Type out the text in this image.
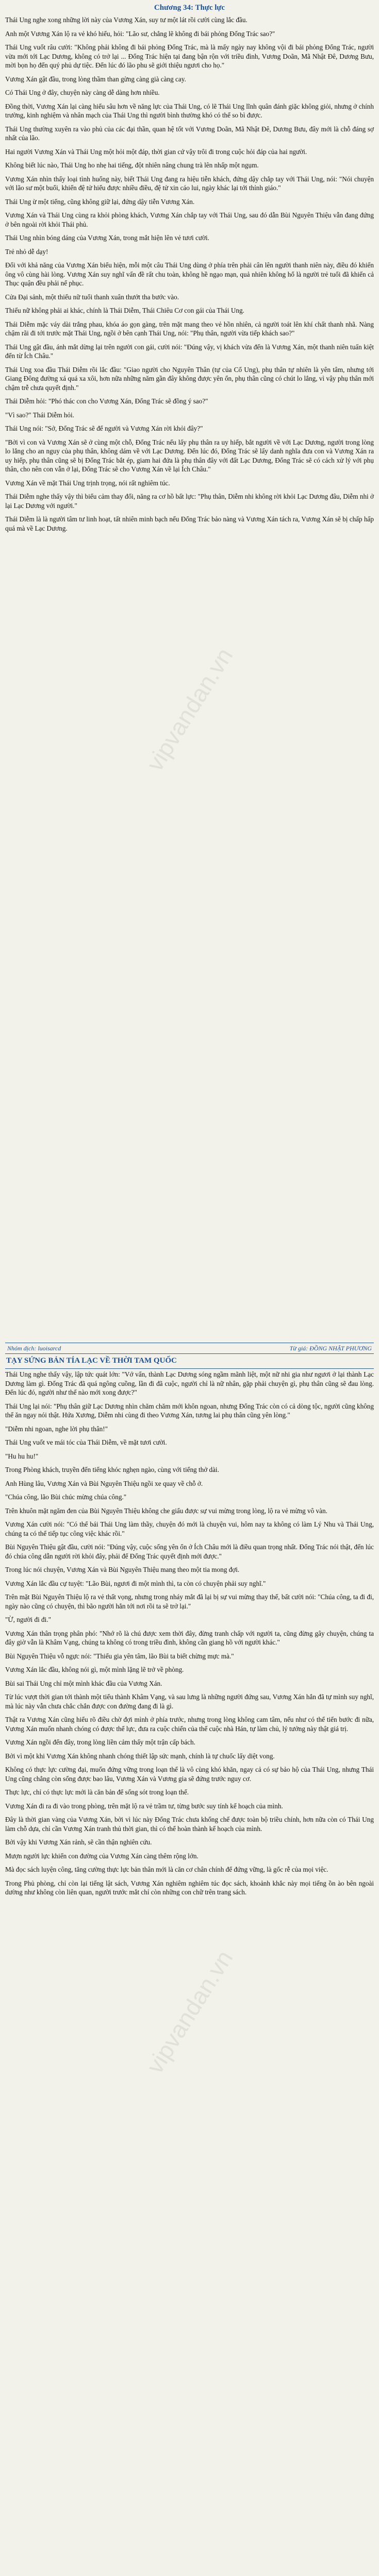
Chương 34: Thực lực

Thái Ung nghe xong những lời này của Vương Xán, suy tư một lát rồi cười cùng lắc đầu.

Anh một Vương Xán lộ ra vẻ khó hiểu, hỏi: "Lão sư, chẳng lẽ không đi bái phỏng Đổng Trác sao?"

Thái Ung vuốt râu cười: "Không phải không đi bái phỏng Đổng Trác, mà là mấy ngày nay không vội đi bái phỏng Đổng Trác, người vừa mới tới Lạc Dương, không có trở lại ... Đổng Trác hiện tại đang bận rộn với triều đình, Vương Doãn, Mã Nhật Đê, Dương Bưu, mời bọn họ đến quý phủ dự tiệc. Đến lúc đó lão phu sẽ giới thiệu ngươi cho họ."

Vương Xán gật đầu, trong lòng thầm than gừng càng già càng cay.

Có Thái Ung ở đây, chuyện này càng dễ dàng hơn nhiều.

Đồng thời, Vương Xán lại càng hiểu sâu hơn về năng lực của Thái Ung, có lẽ Thái Ung lĩnh quân đánh giặc không giỏi, nhưng ở chính trường, kinh nghiệm và nhân mạch của Thái Ung thì người bình thường khó có thể so bì được.

Thái Ung thường xuyên ra vào phủ của các đại thần, quan hệ tốt với Vương Doãn, Mã Nhật Đê, Dương Bưu, đây mới là chỗ đáng sợ nhất của lão.

Hai người Vương Xán và Thái Ung một hỏi một đáp, thời gian cứ vậy trôi đi trong cuộc hỏi đáp của hai người.

Không biết lúc nào, Thái Ung ho nhẹ hai tiếng, đột nhiên nâng chung trà lên nhấp một ngụm.

Vương Xán nhìn thấy loại tình huống này, biết Thái Ung đang ra hiệu tiễn khách, đứng dậy chắp tay với Thái Ung, nói: "Nói chuyện với lão sư một buổi, khiến đệ tử hiểu được nhiều điều, đệ tử xin cáo lui, ngày khác lại tới thỉnh giáo."

Thái Ung ừ một tiếng, cũng không giữ lại, đứng dậy tiễn Vương Xán.

Vương Xán và Thái Ung cùng ra khỏi phòng khách, Vương Xán chắp tay với Thái Ung, sau đó dẫn Bùi Nguyên Thiệu vẫn đang đứng ở bên ngoài rời khỏi Thái phủ.

Thái Ung nhìn bóng dáng của Vương Xán, trong mắt hiện lên vẻ tươi cười.

Trẻ nhỏ dễ dạy!

Đối với khả năng của Vương Xán biểu hiện, mỗi một câu Thái Ung dùng ở phía trên phải cân lên người thanh niên này, điều đó khiến ông vô cùng hài lòng. Vương Xán suy nghĩ vấn đề rất chu toàn, không hề ngạo mạn, quả nhiên không hổ là người trẻ tuổi đã khiến cả Thục quận đều phải nể phục.

Cửa Đại sảnh, một thiếu nữ tuổi thanh xuân thướt tha bước vào.

Thiếu nữ không phải ai khác, chính là Thái Diễm, Thái Chiêu Cơ con gái của Thái Ung.

Thái Diễm mặc váy dài trắng phau, khóa áo gọn gàng, trên mặt mang theo vẻ hồn nhiên, cả người toát lên khí chất thanh nhã. Nàng chậm rãi đi tới trước mặt Thái Ung, ngồi ở bên cạnh Thái Ung, nói: "Phụ thân, người vừa tiếp khách sao?"

Thái Ung gật đầu, ánh mắt dừng lại trên người con gái, cười nói: "Đúng vậy, vị khách vừa đến là Vương Xán, một thanh niên tuấn kiệt đến từ Ích Châu."

Thái Ung xoa đầu Thái Diễm rồi lắc đầu: "Giao người cho Nguyên Thân (tự của Cố Ung), phụ thân tự nhiên là yên tâm, nhưng tới Giang Đông đường xá quá xa xôi, hơn nữa những năm gần đây không được yên ổn, phụ thân cũng có chút lo lắng, vì vậy phụ thân mới chậm trễ chưa quyết định."

Thái Diễm hỏi: "Phó thác con cho Vương Xán, Đổng Trác sẽ đồng ý sao?"

"Vì sao?" Thái Diễm hỏi.

Thái Ung nói: "Sở, Đổng Trác sẽ để người và Vương Xán rời khỏi đây?"

"Bởi vì con và Vương Xán sẽ ở cùng một chỗ, Đổng Trác nếu lấy phụ thân ra uy hiếp, bắt người về với Lạc Dương, người trong lòng lo lắng cho an nguy của phụ thân, không dám về với Lạc Dương. Đến lúc đó, Đổng Trác sẽ lấy danh nghĩa đưa con và Vương Xán ra uy hiếp, phụ thân cũng sẽ bị Đổng Trác bắt ép, giam hai đứa là phụ thân đây với đất Lạc Dương, Đổng Trác sẽ có cách xử lý với phụ thân, cho nên con vẫn ở lại, Đổng Trác sẽ cho Vương Xán về lại Ích Châu."

Vương Xán về mặt Thái Ung trịnh trọng, nói rất nghiêm túc.

Thái Diễm nghe thấy vậy thì biểu cảm thay đổi, năng ra cơ hồ bất lực: "Phụ thân, Diễm nhi không rời khỏi Lạc Dương đâu, Diễm nhi ở lại Lạc Dương với người."

Thái Diễm là là người tâm tư linh hoạt, tất nhiên minh bạch nếu Đổng Trác bảo nàng và Vương Xán tách ra, Vương Xán sẽ bị chấp hấp quá mà về Lạc Dương.

vipvandan.vn
Nhóm dịch: luoisarcd	Từ giá: ĐỒNG NHẬT PHƯƠNG
TẠY SỨNG BẢN TÍA LẠC VỀ THỜI TAM QUỐC

Thái Ung nghe thấy vậy, lập tức quát lớn: "Vớ vẩn, thành Lạc Dương sóng ngầm mãnh liệt, một nữ nhi gia như ngươi ở lại thành Lạc Dương làm gì. Đổng Trác đã quá ngông cuồng, lần đi đã cuộc, người chỉ là nữ nhân, gặp phải chuyện gì, phụ thân cũng sẽ đau lòng. Đến lúc đó, người như thế nào mới xong được?"

Thái Ung lại nói: "Phụ thân giữ Lạc Dương nhìn chăm chăm mới khôn ngoan, nhưng Đổng Trác còn có cả dòng tộc, người cũng không thể ăn ngay nói thật. Hứa Xương, Diễm nhi cùng đi theo Vương Xán, tương lai phụ thân cũng yên lòng."

"Diễm nhi ngoan, nghe lời phụ thân!"

Thái Ung vuốt ve mái tóc của Thái Diễm, về mặt tươi cười.

"Hu hu hu!"

Trong Phòng khách, truyền đến tiếng khóc nghẹn ngào, cùng với tiếng thở dài.

Anh Hùng lâu, Vương Xán và Bùi Nguyên Thiệu ngồi xe quay về chỗ ở.

"Chúa công, lão Bùi chúc mừng chúa công."

Trên khuôn mặt ngăm đen của Bùi Nguyên Thiệu không che giấu được sự vui mừng trong lòng, lộ ra vẻ mừng vô vàn.

Vương Xán cười nói: "Có thể bái Thái Ung làm thầy, chuyện đó mới là chuyện vui, hôm nay ta không có làm Lý Nhu và Thái Ung, chúng ta có thể tiếp tục công việc khác rồi."

Bùi Nguyên Thiệu gật đầu, cười nói: "Đúng vậy, cuộc sống yên ổn ở Ích Châu mới là điều quan trọng nhất. Đổng Trác nói thật, đến lúc đó chúa công dẫn người rời khỏi đây, phải để Đổng Trác quyết định mới được."

Trong lúc nói chuyện, Vương Xán và Bùi Nguyên Thiệu mang theo một tia mong đợi.

Vương Xán lắc đầu cự tuyệt: "Lão Bùi, ngươi đi một mình thì, ta còn có chuyện phải suy nghĩ."

Trên mặt Bùi Nguyên Thiệu lộ ra vẻ thất vọng, nhưng trong nháy mắt đã lại bị sự vui mừng thay thế, bất cười nói: "Chúa công, ta đi đi, ngày nào cũng có chuyện, thì bão người hẳn tới nơi rồi ta sẽ trở lại."

"Ừ, người đi đi."

Vương Xán thân trọng phân phó: "Nhớ rõ là chú được xem thời đây, đừng tranh chấp với người ta, cũng đừng gây chuyện, chúng ta đây giờ vẫn là Khâm Vạng, chúng ta không có trong triều đình, không cần giang hồ với người khác."

Bùi Nguyên Thiệu vỗ ngực nói: "Thiếu gia yên tâm, lão Bùi ta biết chừng mực mà."

Vương Xán lắc đầu, không nói gì, một mình lặng lẽ trở về phòng.

Bùi sai Thái Ung chỉ một mình khác đầu của Vương Xán.

Từ lúc vượt thời gian tới thành một tiểu thành Khâm Vạng, và sau lưng là những người đứng sau, Vương Xán hắn đã tự mình suy nghĩ, mà lúc này vẫn chưa chắc chắn được con đường đang đi là gì.

Thật ra Vương Xán cũng hiểu rõ điều chờ đợi mình ở phía trước, nhưng trong lòng không cam tâm, nếu như có thể tiến bước đi nữa, Vương Xán muốn nhanh chóng có được thế lực, đưa ra cuộc chiến của thế cuộc nhà Hán, tự làm chủ, lý tưởng này thật giá trị.

Vương Xán ngồi đến đây, trong lòng liền cảm thấy một trận cấp bách.

Bởi vì một khi Vương Xán không nhanh chóng thiết lập sức mạnh, chính là tự chuốc lấy diệt vong.

Không có thực lực cường đại, muốn đứng vững trong loạn thế là vô cùng khó khăn, ngay cả có sự bảo hộ của Thái Ung, nhưng Thái Ung cũng chẳng còn sống được bao lâu, Vương Xán và Vương gia sẽ đứng trước nguy cơ.

Thực lực, chỉ có thực lực mới là căn bản để sống sót trong loạn thế.

Vương Xán đi ra đi vào trong phòng, trên mặt lộ ra vẻ trầm tư, từng bước suy tính kế hoạch của mình.

Đây là thời gian vàng của Vương Xán, bởi vì lúc này Đổng Trác chưa khống chế được toàn bộ triều chính, hơn nữa còn có Thái Ung làm chỗ dựa, chỉ cần Vương Xán tranh thủ thời gian, thì có thể hoàn thành kế hoạch của mình.

Bởi vậy khi Vương Xán rảnh, sẽ cần thận nghiên cứu.

Mượn người lực khiến con đường của Vương Xán càng thêm rộng lớn.

Mà đọc sách luyện công, tăng cường thực lực bản thân mới là căn cơ chân chính để đứng vững, là gốc rễ của mọi việc.

Trong Phủ phòng, chỉ còn lại tiếng lật sách, Vương Xán nghiêm nghiêm túc đọc sách, khoảnh khắc này mọi tiếng ồn ào bên ngoài dường như không còn liên quan, người trước mắt chỉ còn những con chữ trên trang sách.

vipvandan.vn
